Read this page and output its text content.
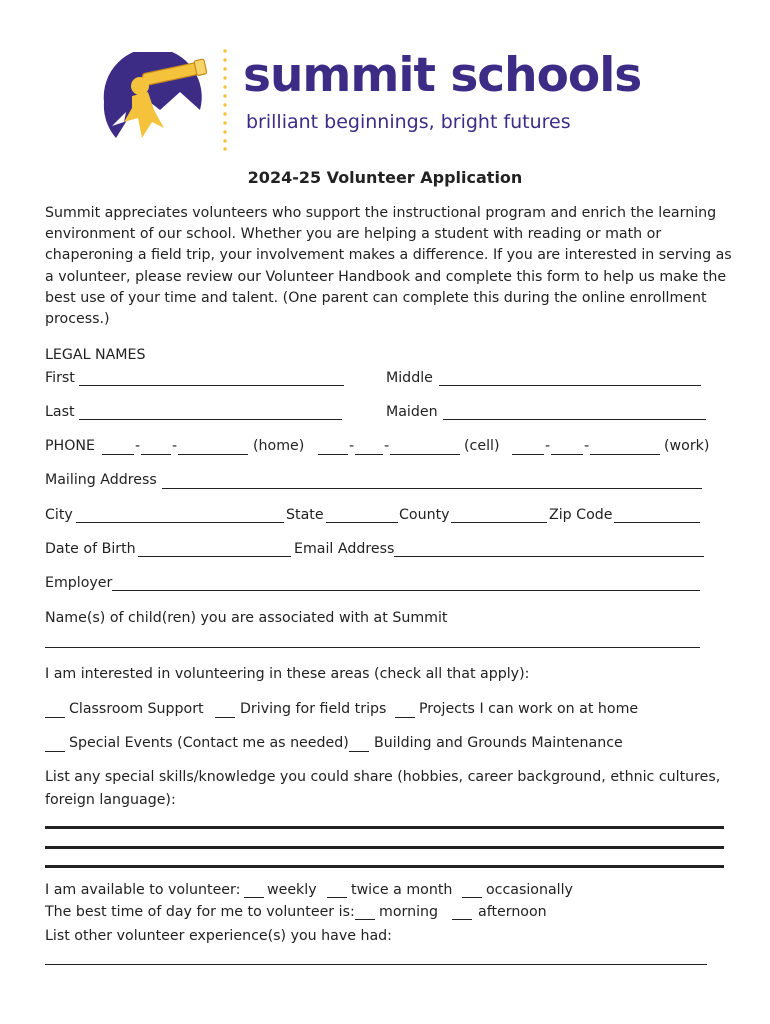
summit schools
brilliant beginnings, bright futures
2024-25 Volunteer Application
Summit appreciates volunteers who support the instructional program and enrich the learning environment of our school. Whether you are helping a student with reading or math or chaperoning a field trip, your involvement makes a difference. If you are interested in serving as a volunteer, please review our Volunteer Handbook and complete this form to help us make the best use of your time and talent. (One parent can complete this during the online enrollment process.)
LEGAL NAMES
First	Middle
Last	Maiden
PHONE	- -	(home)	- -	(cell)	- -	(work)
Mailing Address
City	State	County	Zip Code
Date of Birth	Email Address
Employer
Name(s) of child(ren) you are associated with at Summit
I am interested in volunteering in these areas (check all that apply):
Classroom Support	Driving for field trips Projects I can work on at home
Special Events (Contact me as needed) Building and Grounds Maintenance
List any special skills/knowledge you could share (hobbies, career background, ethnic cultures,
foreign language):
I am available to volunteer: weekly twice a month occasionally
The best time of day for me to volunteer is: morning	afternoon
List other volunteer experience(s) you have had:
